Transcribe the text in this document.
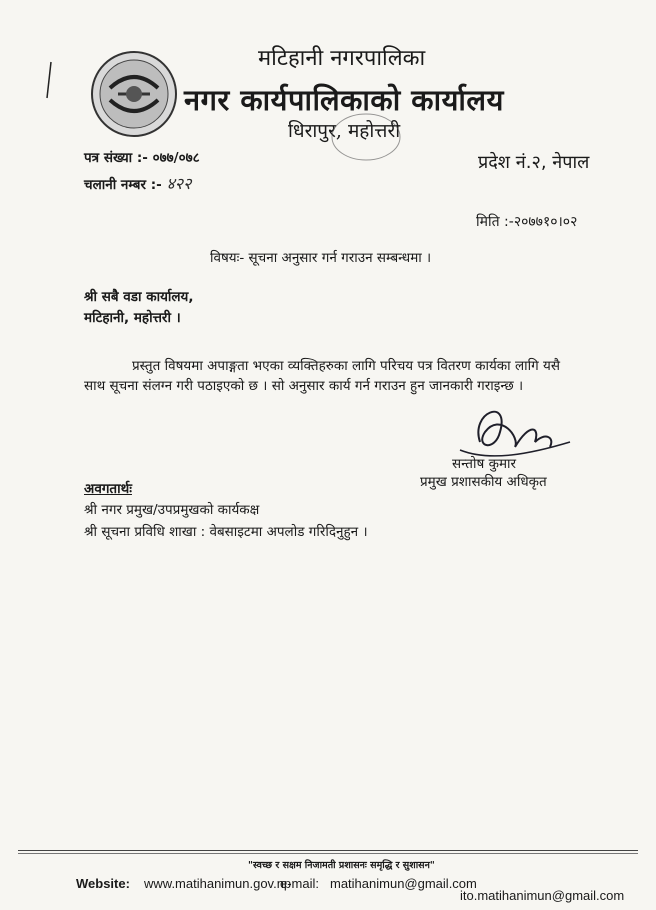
मटिहानी नगरपालिका
नगर कार्यपालिकाको कार्यालय
धिरापुर, महोत्तरी
पत्र संख्या :- ०७७/०७८
चलानी नम्बर :- ४२२
प्रदेश नं.२, नेपाल
मिति :-२०७७१०।०२
विषयः- सूचना अनुसार गर्न गराउन सम्बन्धमा ।
श्री सबै वडा कार्यालय,
मटिहानी, महोत्तरी ।
प्रस्तुत विषयमा अपाङ्गता भएका व्यक्तिहरुका लागि परिचय पत्र वितरण कार्यका लागि यसै
साथ सूचना संलग्न गरी पठाइएको छ । सो अनुसार कार्य गर्न गराउन हुन जानकारी गराइन्छ ।
सन्तोष कुमार
प्रमुख प्रशासकीय अधिकृत
अवगतार्थः
श्री नगर प्रमुख/उपप्रमुखको कार्यकक्ष
श्री सूचना प्रविधि शाखा : वेबसाइटमा अपलोड गरिदिनुहुन ।
"स्वच्छ र सक्षम निजामती प्रशासनः समृद्धि र सुशासन"
Website: www.matihanimun.gov.np
e-mail: matihanimun@gmail.com
ito.matihanimun@gmail.com
